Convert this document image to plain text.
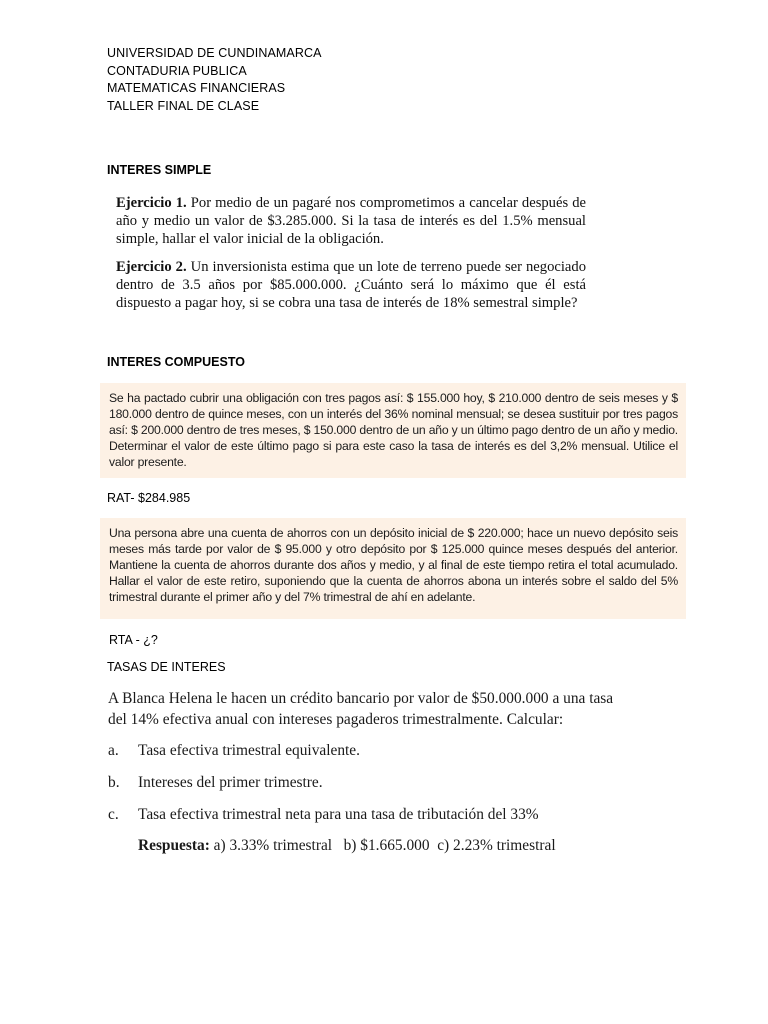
UNIVERSIDAD DE CUNDINAMARCA
CONTADURIA PUBLICA
MATEMATICAS FINANCIERAS
TALLER FINAL DE CLASE
INTERES SIMPLE

Ejercicio 1. Por medio de un pagaré nos comprometimos a cancelar después de año y medio un valor de $3.285.000. Si la tasa de interés es del 1.5% mensual simple, hallar el valor inicial de la obligación.

Ejercicio 2. Un inversionista estima que un lote de terreno puede ser negociado dentro de 3.5 años por $85.000.000. ¿Cuánto será lo máximo que él está dispuesto a pagar hoy, si se cobra una tasa de interés de 18% semestral simple?

INTERES COMPUESTO
Se ha pactado cubrir una obligación con tres pagos así: $ 155.000 hoy, $ 210.000 dentro de seis meses y $ 180.000 dentro de quince meses, con un interés del 36% nominal mensual; se desea sustituir por tres pagos así: $ 200.000 dentro de tres meses, $ 150.000 dentro de un año y un último pago dentro de un año y medio. Determinar el valor de este último pago si para este caso la tasa de interés es del 3,2% mensual. Utilice el valor presente.
RAT- $284.985
Una persona abre una cuenta de ahorros con un depósito inicial de $ 220.000; hace un nuevo depósito seis meses más tarde por valor de $ 95.000 y otro depósito por $ 125.000 quince meses después del anterior. Mantiene la cuenta de ahorros durante dos años y medio, y al final de este tiempo retira el total acumulado. Hallar el valor de este retiro, suponiendo que la cuenta de ahorros abona un interés sobre el saldo del 5% trimestral durante el primer año y del 7% trimestral de ahí en adelante.
RTA - ¿?
TASAS DE INTERES

A Blanca Helena le hacen un crédito bancario por valor de $50.000.000 a una tasa del 14% efectiva anual con intereses pagaderos trimestralmente. Calcular:

a. Tasa efectiva trimestral equivalente.
b. Intereses del primer trimestre.
c. Tasa efectiva trimestral neta para una tasa de tributación del 33%
Respuesta: a) 3.33% trimestral   b) $1.665.000  c) 2.23% trimestral
